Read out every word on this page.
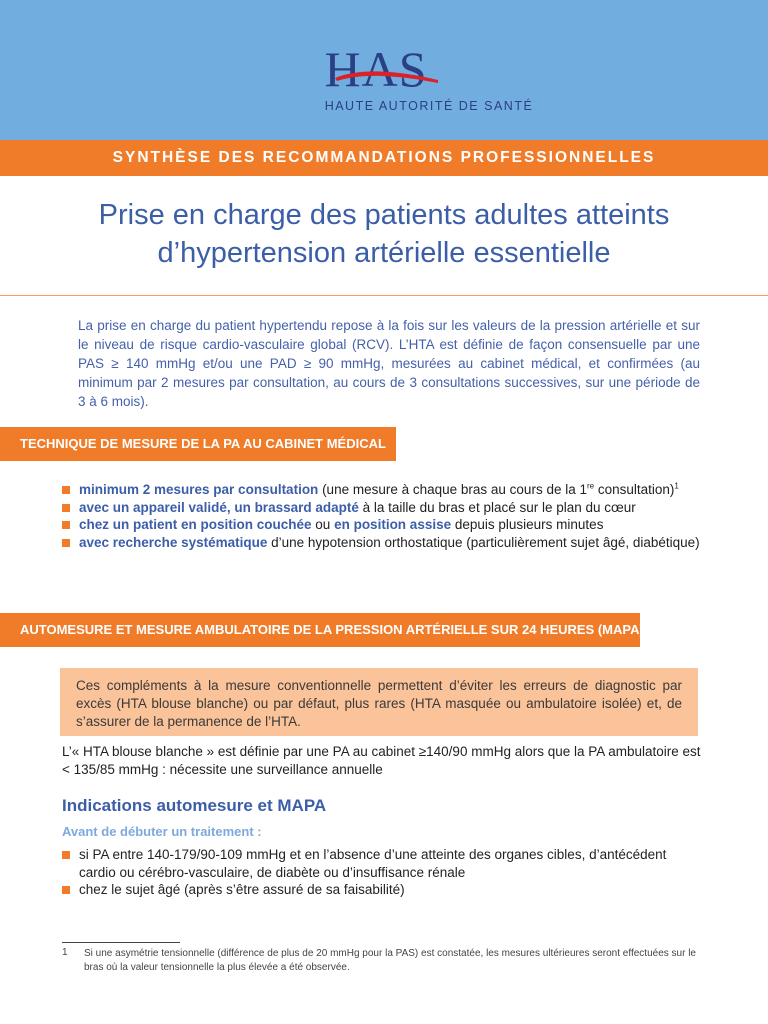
HAS
HAUTE AUTORITÉ DE SANTÉ
SYNTHÈSE DES RECOMMANDATIONS PROFESSIONNELLES
Prise en charge des patients adultes atteints
d’hypertension artérielle essentielle
La prise en charge du patient hypertendu repose à la fois sur les valeurs de la pression artérielle et sur le niveau de risque cardio-vasculaire global (RCV). L’HTA est définie de façon consensuelle par une PAS ≥ 140 mmHg et/ou une PAD ≥ 90 mmHg, mesurées au cabinet médical, et confirmées (au minimum par 2 mesures par consultation, au cours de 3 consultations successives, sur une période de 3 à 6 mois).
TECHNIQUE DE MESURE DE LA PA AU CABINET MÉDICAL
minimum 2 mesures par consultation (une mesure à chaque bras au cours de la 1re consultation)$^1$
avec un appareil validé, un brassard adapté à la taille du bras et placé sur le plan du cœur
chez un patient en position couchée ou en position assise depuis plusieurs minutes
avec recherche systématique d’une hypotension orthostatique (particulièrement sujet âgé, diabétique)
AUTOMESURE ET MESURE AMBULATOIRE DE LA PRESSION ARTÉRIELLE SUR 24 HEURES (MAPA)
Ces compléments à la mesure conventionnelle permettent d’éviter les erreurs de diagnostic par excès (HTA blouse blanche) ou par défaut, plus rares (HTA masquée ou ambulatoire isolée) et, de s’assurer de la permanence de l’HTA.
L’« HTA blouse blanche » est définie par une PA au cabinet ≥140/90 mmHg alors que la PA ambulatoire est < 135/85 mmHg : nécessite une surveillance annuelle
Indications automesure et MAPA
Avant de débuter un traitement :
si PA entre 140-179/90-109 mmHg et en l’absence d’une atteinte des organes cibles, d’antécédent cardio ou cérébro-vasculaire, de diabète ou d’insuffisance rénale
chez le sujet âgé (après s’être assuré de sa faisabilité)
1 Si une asymétrie tensionnelle (différence de plus de 20 mmHg pour la PAS) est constatée, les mesures ultérieures seront effectuées sur le bras où la valeur tensionnelle la plus élevée a été observée.
